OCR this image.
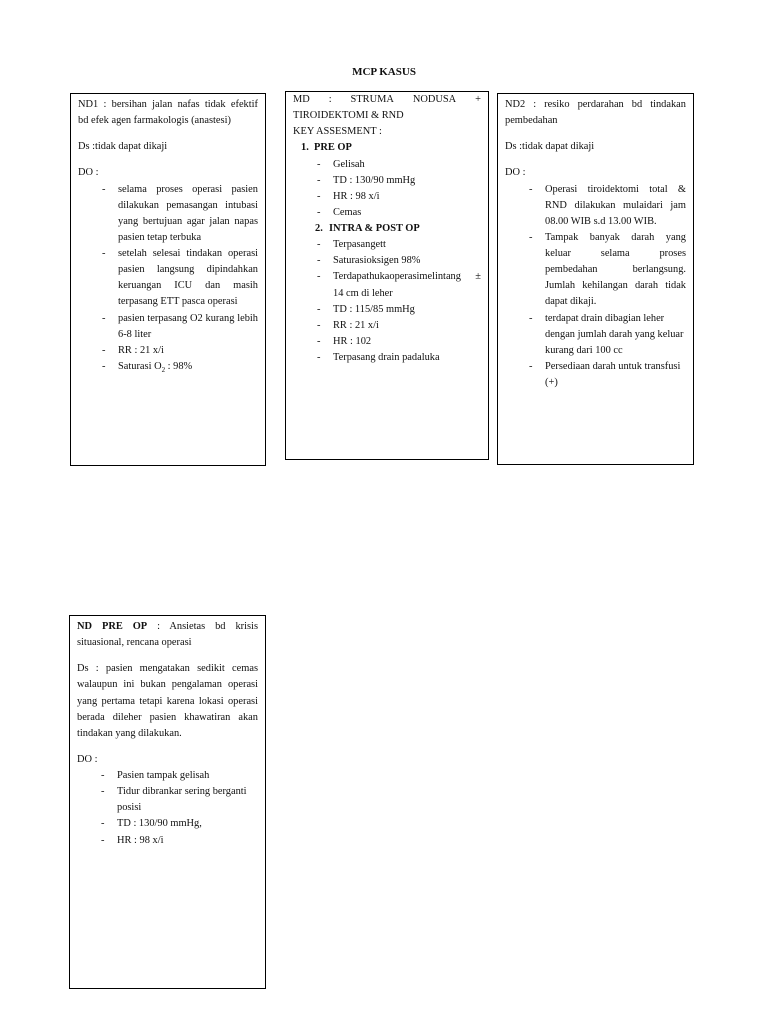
MCP KASUS

ND1 : bersihan jalan nafas tidak efektif

bd efek agen farmakologis (anastesi)

Ds :tidak dapat dikaji

DO :

- selama proses operasi pasien dilakukan pemasangan intubasi yang bertujuan agar jalan napas pasien tetap terbuka
- setelah selesai tindakan operasi pasien langsung dipindahkan keruangan ICU dan masih terpasang ETT pasca operasi
- pasien terpasang O2 kurang lebih 6-8 liter
- RR : 21 x/i
- Saturasi $O_2$ : 98%

MD : STRUMA NODUSA +

TIROIDEKTOMI & RND

KEY ASSESMENT :

1. PRE OP

- Gelisah
- TD : 130/90 mmHg
- HR : 98 x/i
- Cemas

2. INTRA & POST OP

- Terpasangett
- Saturasioksigen 98%
- Terdapathukaoperasimelintang ±
14 cm di leher
- TD : 115/85 mmHg
- RR : 21 x/i
- HR : 102
- Terpasang drain padaluka

ND2 : resiko perdarahan bd tindakan

pembedahan

Ds :tidak dapat dikaji

DO :

- Operasi tiroidektomi total & RND dilakukan mulaidari jam 08.00 WIB s.d 13.00 WIB.
- Tampak banyak darah yang keluar selama proses pembedahan berlangsung. Jumlah kehilangan darah tidak dapat dikaji.
- terdapat drain dibagian leher dengan jumlah darah yang keluar kurang dari 100 cc
- Persediaan darah untuk transfusi (+)

ND PRE OP : Ansietas bd krisis

situasional, rencana operasi

Ds : pasien mengatakan sedikit cemas walaupun ini bukan pengalaman operasi yang pertama tetapi karena lokasi operasi berada dileher pasien khawatiran akan tindakan yang dilakukan.

DO :

- Pasien tampak gelisah
- Tidur dibrankar sering berganti posisi
- TD : 130/90 mmHg,
- HR : 98 x/i
